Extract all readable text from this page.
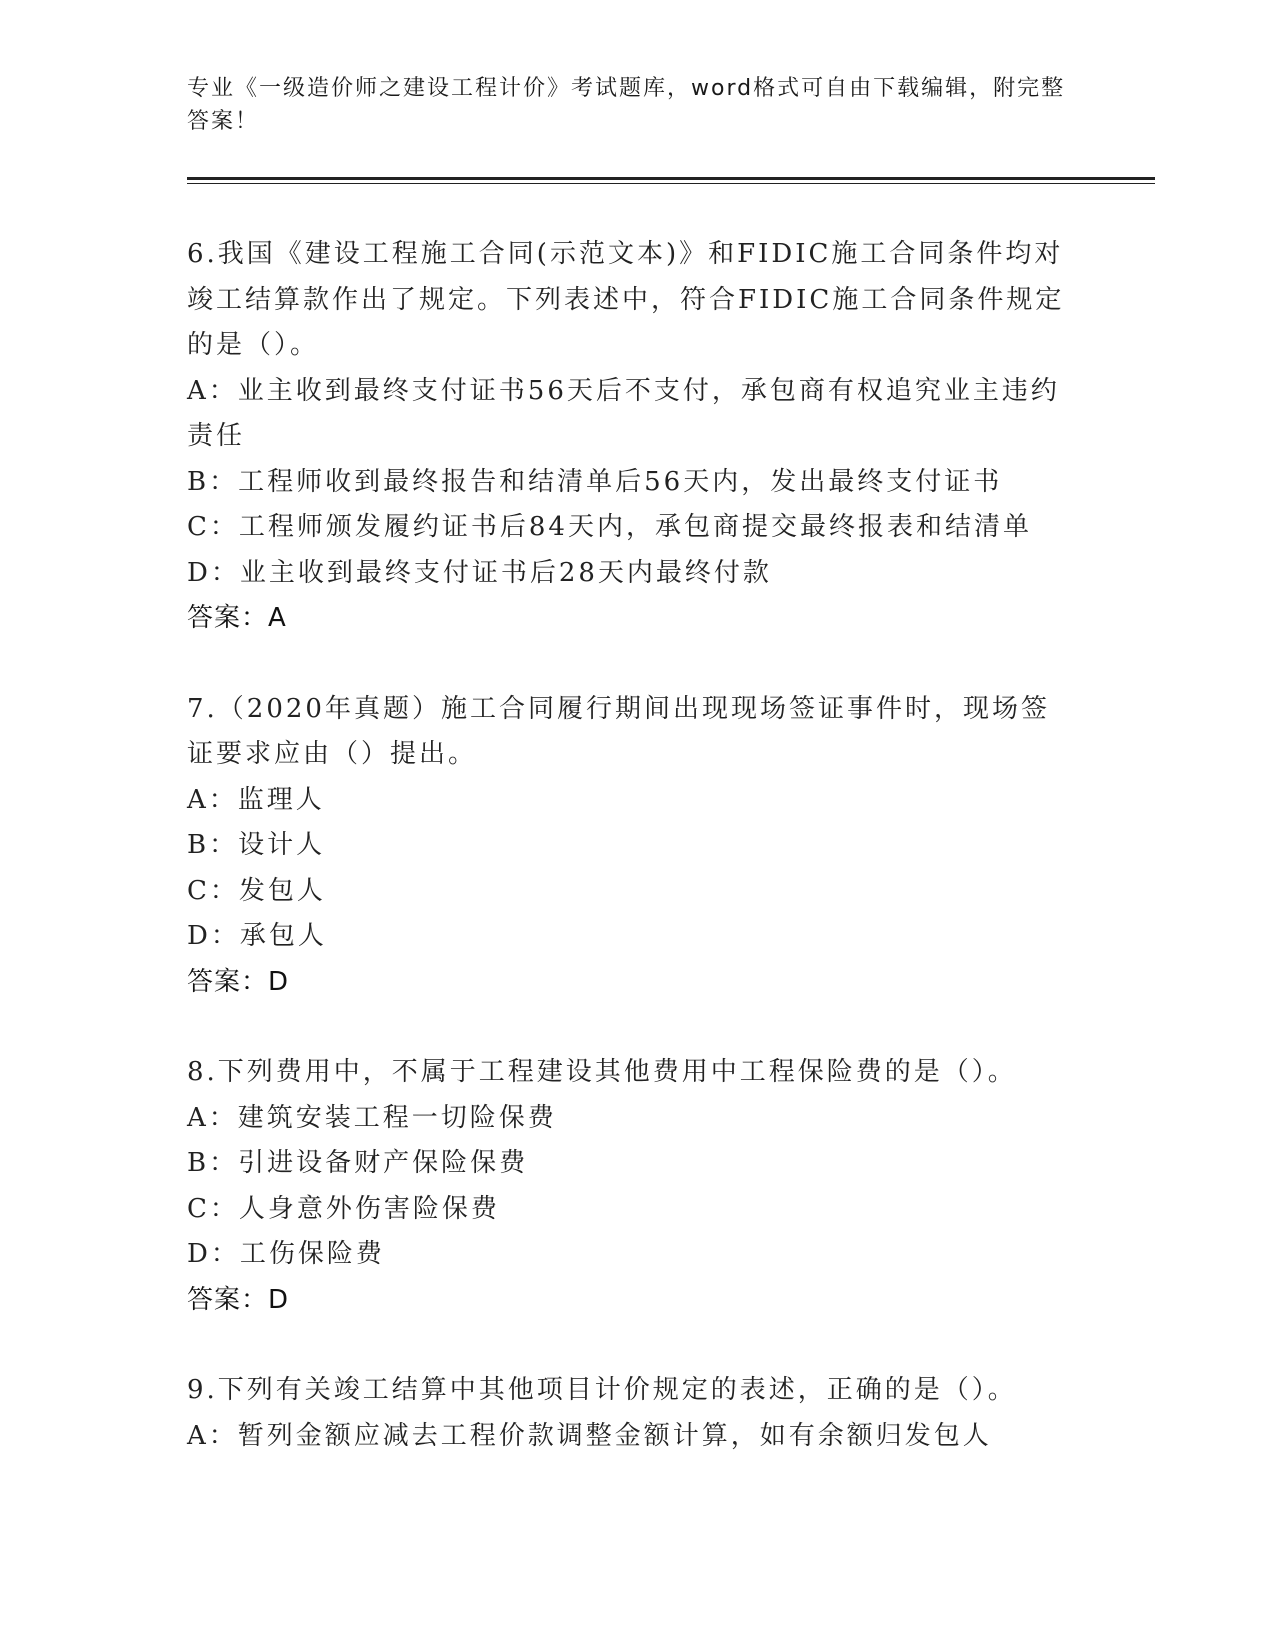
专业《一级造价师之建设工程计价》考试题库，word格式可自由下载编辑，附完整答案！

6.我国《建设工程施工合同(示范文本)》和FIDIC施工合同条件均对竣工结算款作出了规定。下列表述中，符合FIDIC施工合同条件规定的是（）。

A：业主收到最终支付证书56天后不支付，承包商有权追究业主违约责任

B：工程师收到最终报告和结清单后56天内，发出最终支付证书

C：工程师颁发履约证书后84天内，承包商提交最终报表和结清单

D：业主收到最终支付证书后28天内最终付款

答案：A

7.（2020年真题）施工合同履行期间出现现场签证事件时，现场签证要求应由（）提出。

A：监理人

B：设计人

C：发包人

D：承包人

答案：D

8.下列费用中，不属于工程建设其他费用中工程保险费的是（）。

A：建筑安装工程一切险保费

B：引进设备财产保险保费

C：人身意外伤害险保费

D：工伤保险费

答案：D

9.下列有关竣工结算中其他项目计价规定的表述，正确的是（）。

A：暂列金额应减去工程价款调整金额计算，如有余额归发包人
